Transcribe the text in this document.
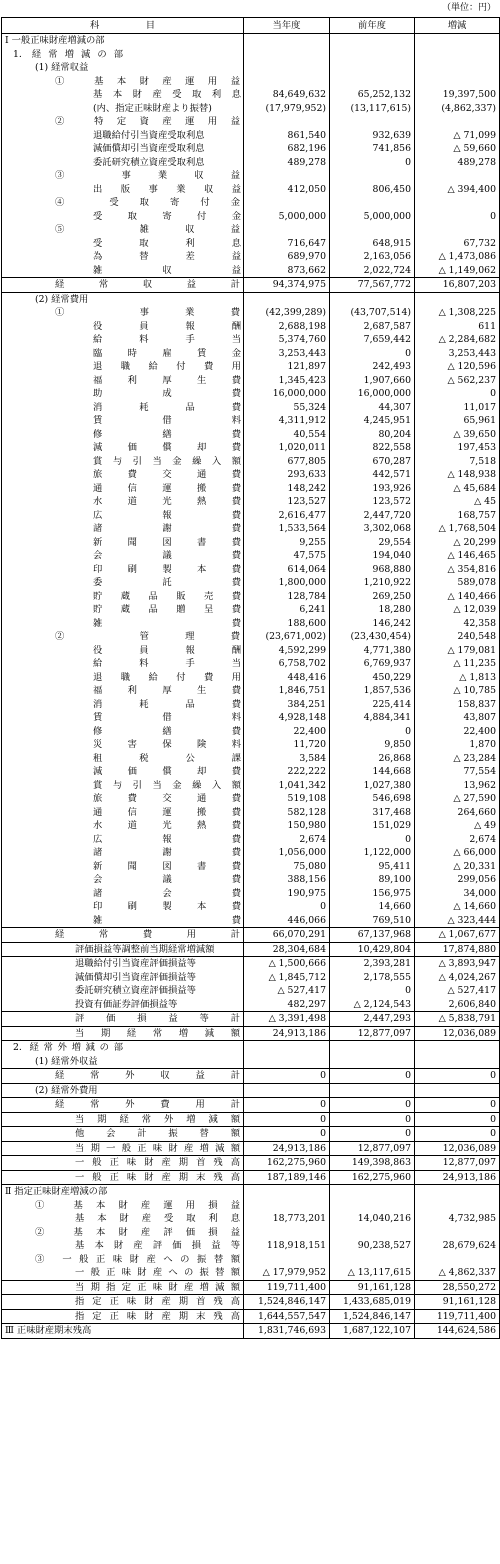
（単位：円）
科　　　　　目	当年度	前年度	増減
Ⅰ 一般正味財産増減の部			

1. 経常増減の部			

(1) 経常収益			

① 基本財産運用益			

基本財産受取利息	84,649,632	65,252,132	19,397,500
(内、指定正味財産より振替)	(17,979,952)	(13,117,615)	(4,862,337)

② 特定資産運用益			

退職給付引当資産受取利息	861,540	932,639	△ 71,099
減価償却引当資産受取利息	682,196	741,856	△ 59,660
委託研究積立資産受取利息	489,278	0	489,278

③ 事業収益			

出版事業収益	412,050	806,450	△ 394,400

④ 受取寄付金			

受取寄付金	5,000,000	5,000,000	0

⑤ 雑収益			

受取利息	716,647	648,915	67,732

為替差益	689,970	2,163,056	△ 1,473,086

雑収益	873,662	2,022,724	△ 1,149,062

経常収益計	94,374,975	77,567,772	16,807,203
(2) 経常費用			

① 事業費	(42,399,289)	(43,707,514)	△ 1,308,225

役員報酬	2,688,198	2,687,587	611

給料手当	5,374,760	7,659,442	△ 2,284,682

臨時雇賃金	3,253,443	0	3,253,443

退職給付費用	121,897	242,493	△ 120,596

福利厚生費	1,345,423	1,907,660	△ 562,237

助成費	16,000,000	16,000,000	0

消耗品費	55,324	44,307	11,017

賃借料	4,311,912	4,245,951	65,961

修繕費	40,554	80,204	△ 39,650

減価償却費	1,020,011	822,558	197,453

賞与引当金繰入額	677,805	670,287	7,518

旅費交通費	293,633	442,571	△ 148,938

通信運搬費	148,242	193,926	△ 45,684

水道光熱費	123,527	123,572	△ 45

広報費	2,616,477	2,447,720	168,757

諸謝費	1,533,564	3,302,068	△ 1,768,504

新聞図書費	9,255	29,554	△ 20,299

会議費	47,575	194,040	△ 146,465

印刷製本費	614,064	968,880	△ 354,816

委託費	1,800,000	1,210,922	589,078

貯蔵品販売費	128,784	269,250	△ 140,466

貯蔵品贈呈費	6,241	18,280	△ 12,039

雑費	188,600	146,242	42,358

② 管理費	(23,671,002)	(23,430,454)	240,548

役員報酬	4,592,299	4,771,380	△ 179,081

給料手当	6,758,702	6,769,937	△ 11,235

退職給付費用	448,416	450,229	△ 1,813

福利厚生費	1,846,751	1,857,536	△ 10,785

消耗品費	384,251	225,414	158,837

賃借料	4,928,148	4,884,341	43,807

修繕費	22,400	0	22,400

災害保険料	11,720	9,850	1,870

租税公課	3,584	26,868	△ 23,284

減価償却費	222,222	144,668	77,554

賞与引当金繰入額	1,041,342	1,027,380	13,962

旅費交通費	519,108	546,698	△ 27,590

通信運搬費	582,128	317,468	264,660

水道光熱費	150,980	151,029	△ 49

広報費	2,674	0	2,674

諸謝費	1,056,000	1,122,000	△ 66,000

新聞図書費	75,080	95,411	△ 20,331

会議費	388,156	89,100	299,056

諸会費	190,975	156,975	34,000

印刷製本費	0	14,660	△ 14,660

雑費	446,066	769,510	△ 323,444

経常費用計	66,070,291	67,137,968	△ 1,067,677
評価損益等調整前当期経常増減額	28,304,684	10,429,804	17,874,880
退職給付引当資産評価損益等	△ 1,500,666	2,393,281	△ 3,893,947
減価償却引当資産評価損益等	△ 1,845,712	2,178,555	△ 4,024,267
委託研究積立資産評価損益等	△ 527,417	0	△ 527,417
投資有価証券評価損益等	482,297	△ 2,124,543	2,606,840

評価損益等計	△ 3,391,498	2,447,293	△ 5,838,791

当期経常増減額	24,913,186	12,877,097	12,036,089

2. 経常外増減の部			

(1) 経常外収益			

経常外収益計	0	0	0
(2) 経常外費用			

経常外費用計	0	0	0

当期経常外増減額	0	0	0

他会計振替額	0	0	0

当期一般正味財産増減額	24,913,186	12,877,097	12,036,089

一般正味財産期首残高	162,275,960	149,398,863	12,877,097

一般正味財産期末残高	187,189,146	162,275,960	24,913,186
Ⅱ 指定正味財産増減の部			

① 基本財産運用損益			

基本財産受取利息	18,773,201	14,040,216	4,732,985

② 基本財産評価損益			

基本財産評価損益等	118,918,151	90,238,527	28,679,624

③ 一般正味財産への振替額			

一般正味財産への振替額	△ 17,979,952	△ 13,117,615	△ 4,862,337

当期指定正味財産増減額	119,711,400	91,161,128	28,550,272

指定正味財産期首残高	1,524,846,147	1,433,685,019	91,161,128

指定正味財産期末残高	1,644,557,547	1,524,846,147	119,711,400
Ⅲ 正味財産期末残高	1,831,746,693	1,687,122,107	144,624,586
